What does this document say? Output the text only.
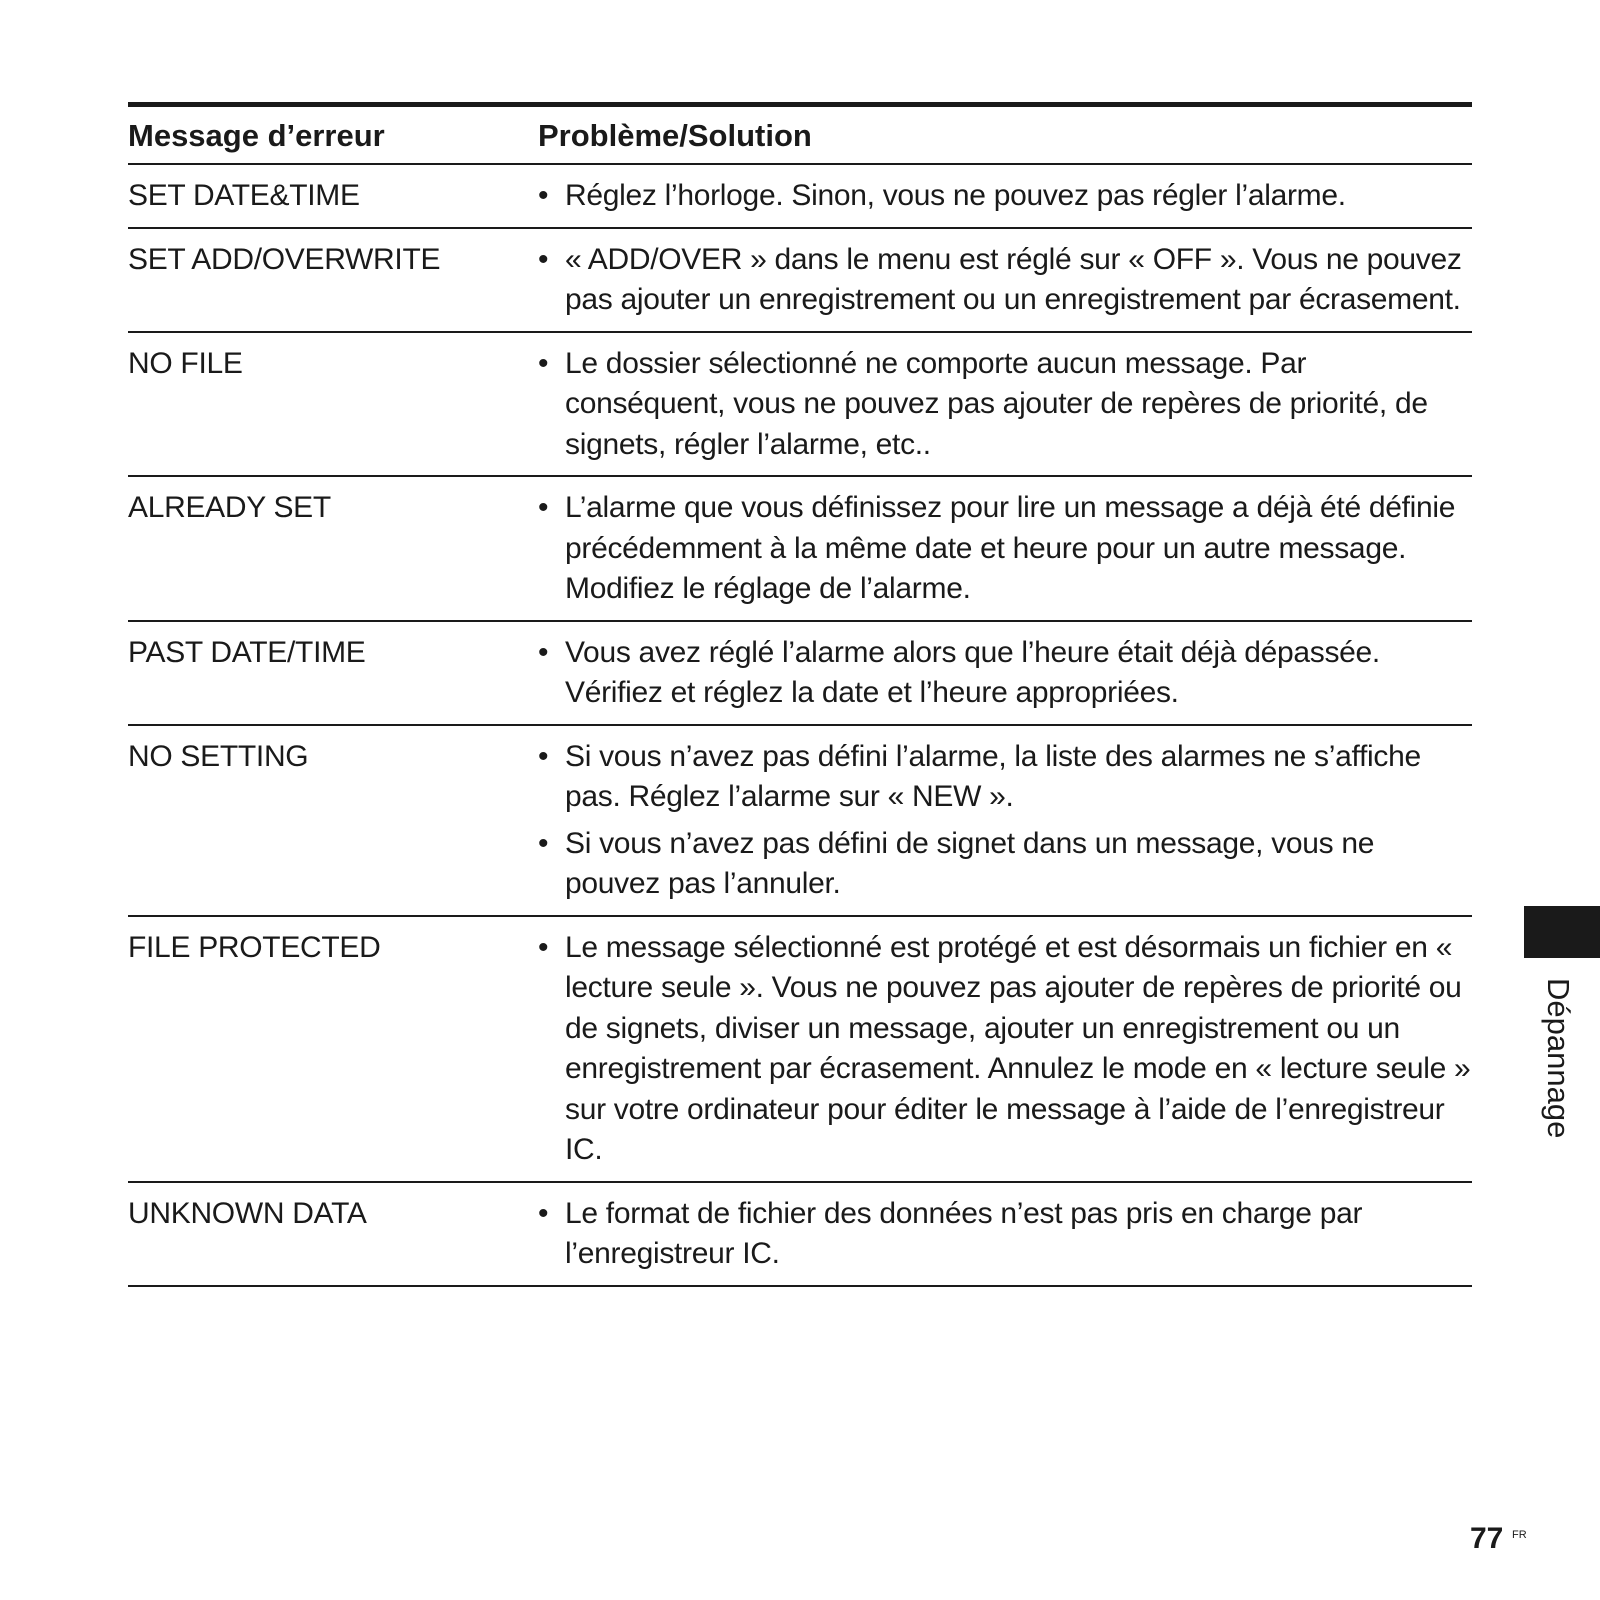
Message d’erreur	Problème/Solution
SET DATE&TIME	• Réglez l’horloge. Sinon, vous ne pouvez pas régler l’alarme.
SET ADD/OVERWRITE	• « ADD/OVER » dans le menu est réglé sur « OFF ». Vous ne pouvez pas ajouter un enregistrement ou un enregistrement par écrasement.
NO FILE	• Le dossier sélectionné ne comporte aucun message. Par conséquent, vous ne pouvez pas ajouter de repères de priorité, de signets, régler l’alarme, etc..
ALREADY SET	• L’alarme que vous définissez pour lire un message a déjà été définie précédemment à la même date et heure pour un autre message. Modifiez le réglage de l’alarme.
PAST DATE/TIME	• Vous avez réglé l’alarme alors que l’heure était déjà dépassée. Vérifiez et réglez la date et l’heure appropriées.
NO SETTING	• Si vous n’avez pas défini l’alarme, la liste des alarmes ne s’affiche pas. Réglez l’alarme sur « NEW ».
• Si vous n’avez pas défini de signet dans un message, vous ne pouvez pas l’annuler.
FILE PROTECTED	• Le message sélectionné est protégé et est désormais un fichier en « lecture seule ». Vous ne pouvez pas ajouter de repères de priorité ou de signets, diviser un message, ajouter un enregistrement ou un enregistrement par écrasement. Annulez le mode en « lecture seule » sur votre ordinateur pour éditer le message à l’aide de l’enregistreur IC.
UNKNOWN DATA	• Le format de fichier des données n’est pas pris en charge par l’enregistreur IC.
Dépannage
77 FR
